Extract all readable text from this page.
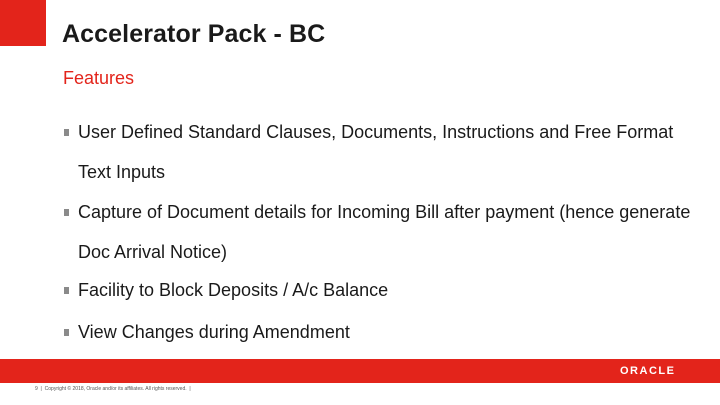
Accelerator Pack - BC
Features
User Defined Standard Clauses, Documents, Instructions and Free Format Text Inputs
Capture of Document details for Incoming Bill after payment (hence generate Doc Arrival Notice)
Facility to Block Deposits / A/c Balance
View Changes during Amendment
ORACLE
9  |  Copyright © 2018, Oracle and/or its affiliates. All rights reserved.  |
